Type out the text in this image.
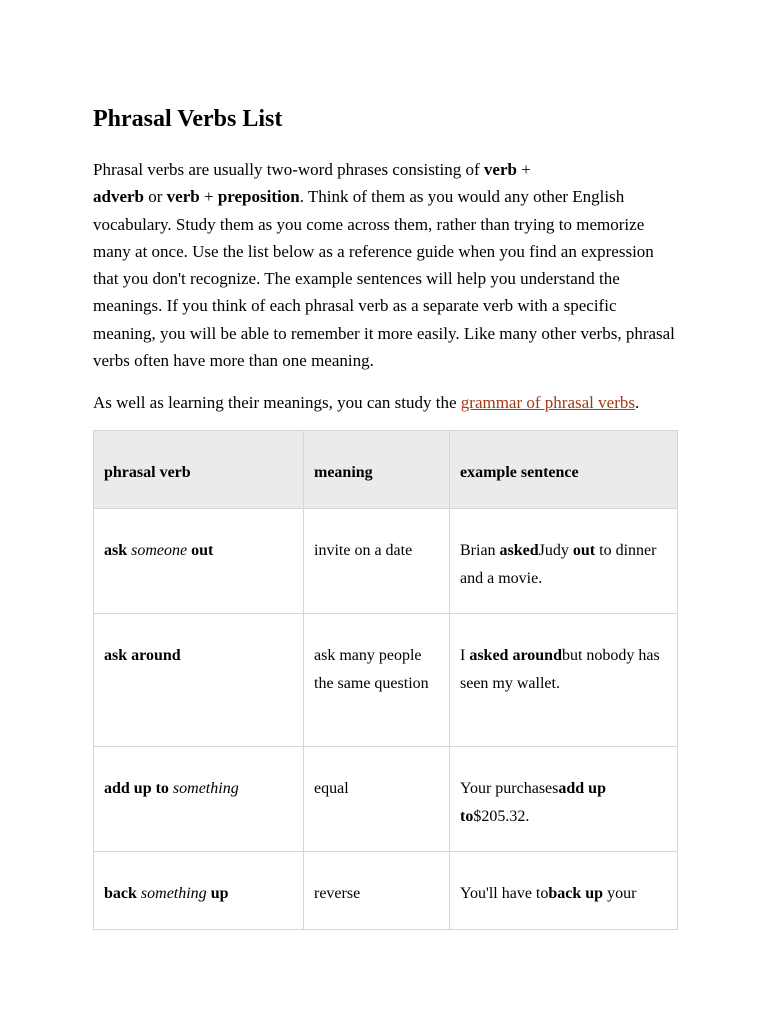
Phrasal Verbs List

Phrasal verbs are usually two-word phrases consisting of verb +
adverb or verb + preposition. Think of them as you would any other English vocabulary. Study them as you come across them, rather than trying to memorize many at once. Use the list below as a reference guide when you find an expression that you don't recognize. The example sentences will help you understand the meanings. If you think of each phrasal verb as a separate verb with a specific meaning, you will be able to remember it more easily. Like many other verbs, phrasal verbs often have more than one meaning.

As well as learning their meanings, you can study the grammar of phrasal verbs.

phrasal verb	meaning	example sentence
ask someone out	invite on a date	Brian askedJudy out to dinner and a movie.
ask around	ask many people the same question	I asked aroundbut nobody has seen my wallet.
add up to something	equal	Your purchasesadd up to$205.32.
back something up	reverse	You'll have toback up your
